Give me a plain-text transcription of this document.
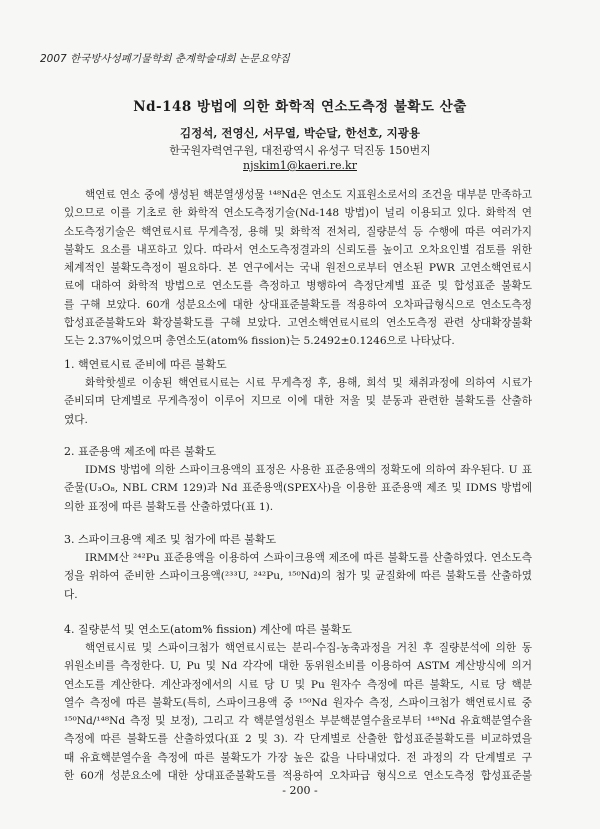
2007 한국방사성폐기물학회 춘계학술대회 논문요약집
Nd-148 방법에 의한 화학적 연소도측정 불확도 산출
김정석, 전영신, 서무열, 박순달, 한선호, 지광용
한국원자력연구원, 대전광역시 유성구 덕진동 150번지
njskim1@kaeri.re.kr
핵연료 연소 중에 생성된 핵분열생성물 ¹⁴⁸Nd은 연소도 지표원소로서의 조건을 대부분 만족하고
있으므로 이를 기초로 한 화학적 연소도측정기술(Nd-148 방법)이 널리 이용되고 있다. 화학적 연
소도측정기술은 핵연료시료 무게측정, 용해 및 화학적 전처리, 질량분석 등 수행에 따른 여러가지
불확도 요소를 내포하고 있다. 따라서 연소도측정결과의 신뢰도를 높이고 오차요인별 검토를 위한
체계적인 불확도측정이 필요하다. 본 연구에서는 국내 원전으로부터 연소된 PWR 고연소핵연료시
료에 대하여 화학적 방법으로 연소도를 측정하고 병행하여 측정단계별 표준 및 합성표준 불확도
를 구해 보았다. 60개 성분요소에 대한 상대표준불확도를 적용하여 오차파급형식으로 연소도측정
합성표준불확도와 확장불확도를 구해 보았다. 고연소핵연료시료의 연소도측정 관련 상대확장불확
도는 2.37%이었으며 총연소도(atom% fission)는 5.2492±0.1246으로 나타났다.
1. 핵연료시료 준비에 따른 불확도
화학핫셀로 이송된 핵연료시료는 시료 무게측정 후, 용해, 희석 및 채취과정에 의하여 시료가
준비되며 단계별로 무게측정이 이루어 지므로 이에 대한 저울 및 분동과 관련한 불확도를 산출하
였다.
2. 표준용액 제조에 따른 불확도
IDMS 방법에 의한 스파이크용액의 표정은 사용한 표준용액의 정확도에 의하여 좌우된다. U 표
준물(U₃O₈, NBL CRM 129)과 Nd 표준용액(SPEX사)을 이용한 표준용액 제조 및 IDMS 방법에
의한 표정에 따른 불확도를 산출하였다(표 1).
3. 스파이크용액 제조 및 첨가에 따른 불확도
IRMM산 ²⁴²Pu 표준용액을 이용하여 스파이크용액 제조에 따른 불확도를 산출하였다. 연소도측
정을 위하여 준비한 스파이크용액(²³³U, ²⁴²Pu, ¹⁵⁰Nd)의 첨가 및 균질화에 따른 불확도를 산출하였
다.
4. 질량분석 및 연소도(atom% fission) 계산에 따른 불확도
핵연료시료 및 스파이크첨가 핵연료시료는 분리-수집-농축과정을 거친 후 질량분석에 의한 동
위원소비를 측정한다. U, Pu 및 Nd 각각에 대한 동위원소비를 이용하여 ASTM 계산방식에 의거
연소도를 계산한다. 계산과정에서의 시료 당 U 및 Pu 원자수 측정에 따른 불확도, 시료 당 핵분
열수 측정에 따른 불확도(특히, 스파이크용액 중 ¹⁵⁰Nd 원자수 측정, 스파이크첨가 핵연료시료 중
¹⁵⁰Nd/¹⁴⁸Nd 측정 및 보정), 그리고 각 핵분열성원소 부분핵분열수율로부터 ¹⁴⁸Nd 유효핵분열수율
측정에 따른 불확도를 산출하였다(표 2 및 3). 각 단계별로 산출한 합성표준불확도를 비교하였을
때 유효핵분열수율 측정에 따른 불확도가 가장 높은 값을 나타내었다. 전 과정의 각 단계별로 구
한 60개 성분요소에 대한 상대표준불확도를 적용하여 오차파급 형식으로 연소도측정 합성표준불
- 200 -
